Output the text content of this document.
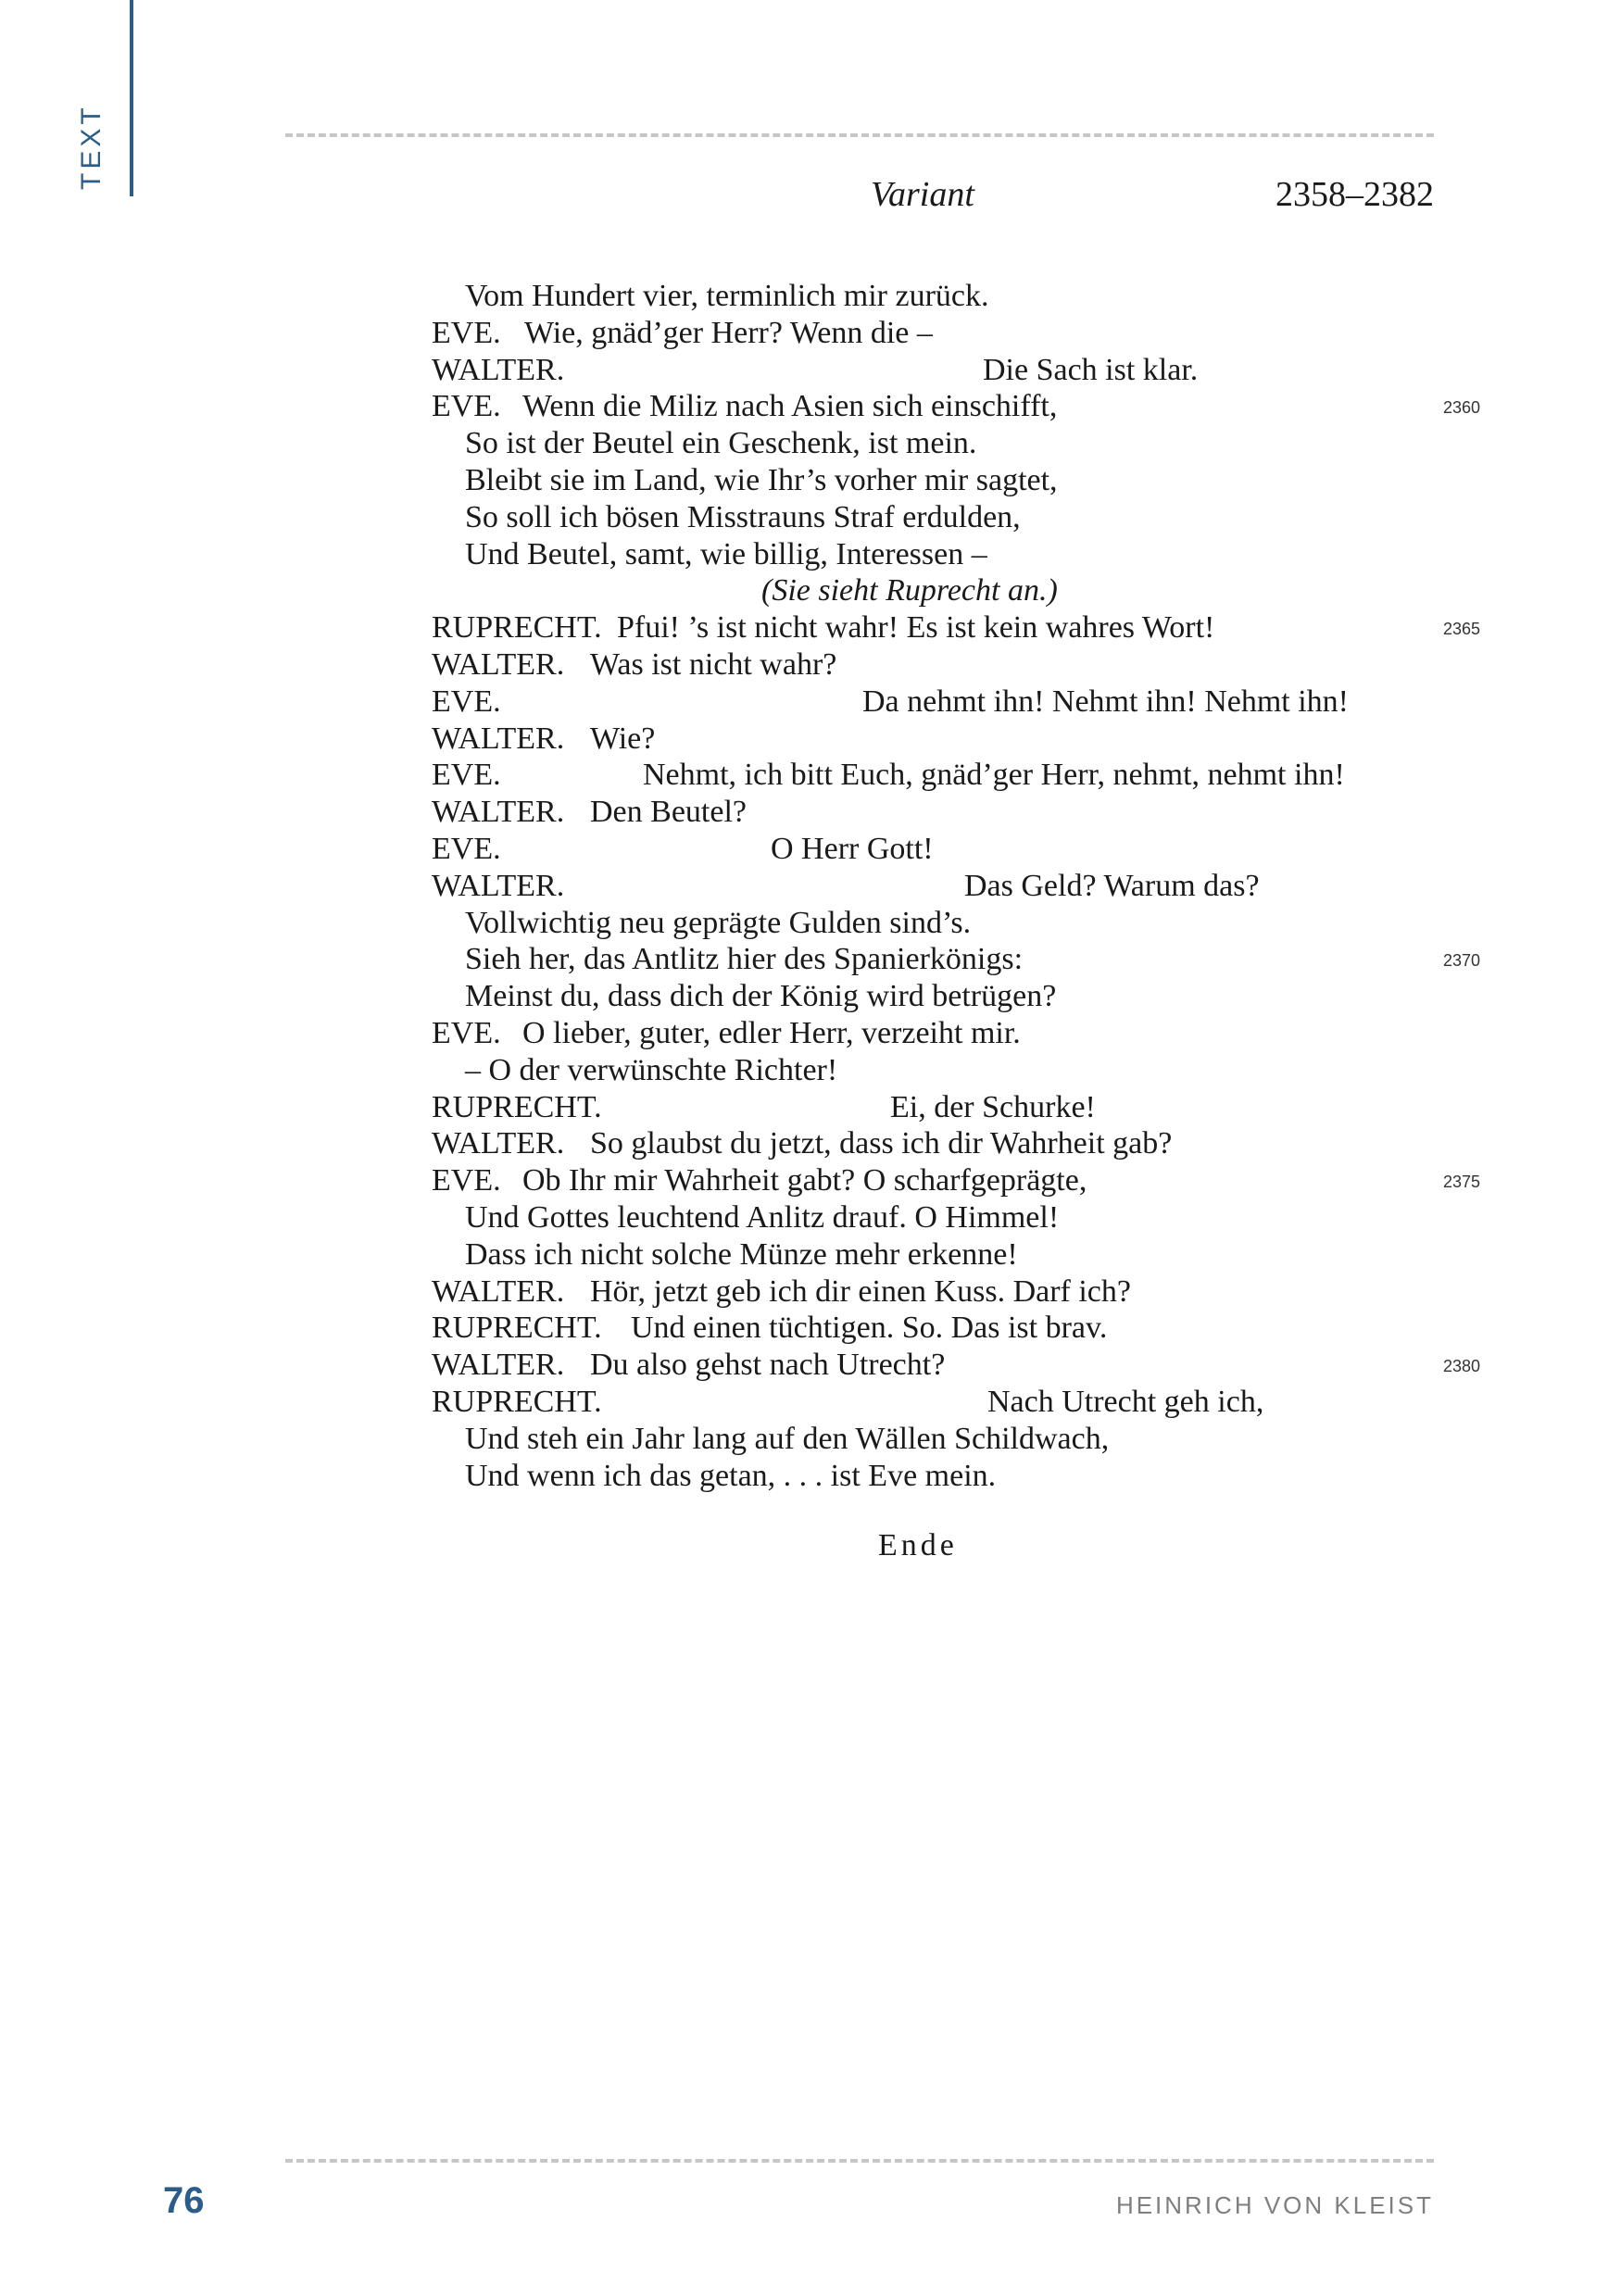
TEXT
Variant	2358–2382
Vom Hundert vier, terminlich mir zurück.
EVE. Wie, gnäd’ger Herr? Wenn die –
WALTER.	Die Sach ist klar.
EVE. Wenn die Miliz nach Asien sich einschifft,	2360
So ist der Beutel ein Geschenk, ist mein.
Bleibt sie im Land, wie Ihr’s vorher mir sagtet,
So soll ich bösen Misstrauns Straf erdulden,
Und Beutel, samt, wie billig, Interessen –
(Sie sieht Ruprecht an.)
RUPRECHT. Pfui! ’s ist nicht wahr! Es ist kein wahres Wort!	2365
WALTER. Was ist nicht wahr?
EVE.	Da nehmt ihn! Nehmt ihn! Nehmt ihn!
WALTER. Wie?
EVE.	Nehmt, ich bitt Euch, gnäd’ger Herr, nehmt, nehmt ihn!
WALTER. Den Beutel?
EVE.	O Herr Gott!
WALTER.	Das Geld? Warum das?
Vollwichtig neu geprägte Gulden sind’s.
Sieh her, das Antlitz hier des Spanierkönigs:	2370
Meinst du, dass dich der König wird betrügen?
EVE. O lieber, guter, edler Herr, verzeiht mir.
– O der verwünschte Richter!
RUPRECHT.	Ei, der Schurke!
WALTER. So glaubst du jetzt, dass ich dir Wahrheit gab?
EVE. Ob Ihr mir Wahrheit gabt? O scharfgeprägte,	2375
Und Gottes leuchtend Anlitz drauf. O Himmel!
Dass ich nicht solche Münze mehr erkenne!
WALTER. Hör, jetzt geb ich dir einen Kuss. Darf ich?
RUPRECHT. Und einen tüchtigen. So. Das ist brav.
WALTER. Du also gehst nach Utrecht?	2380
RUPRECHT.	Nach Utrecht geh ich,
Und steh ein Jahr lang auf den Wällen Schildwach,
Und wenn ich das getan, . . . ist Eve mein.
Ende
76	HEINRICH VON KLEIST
